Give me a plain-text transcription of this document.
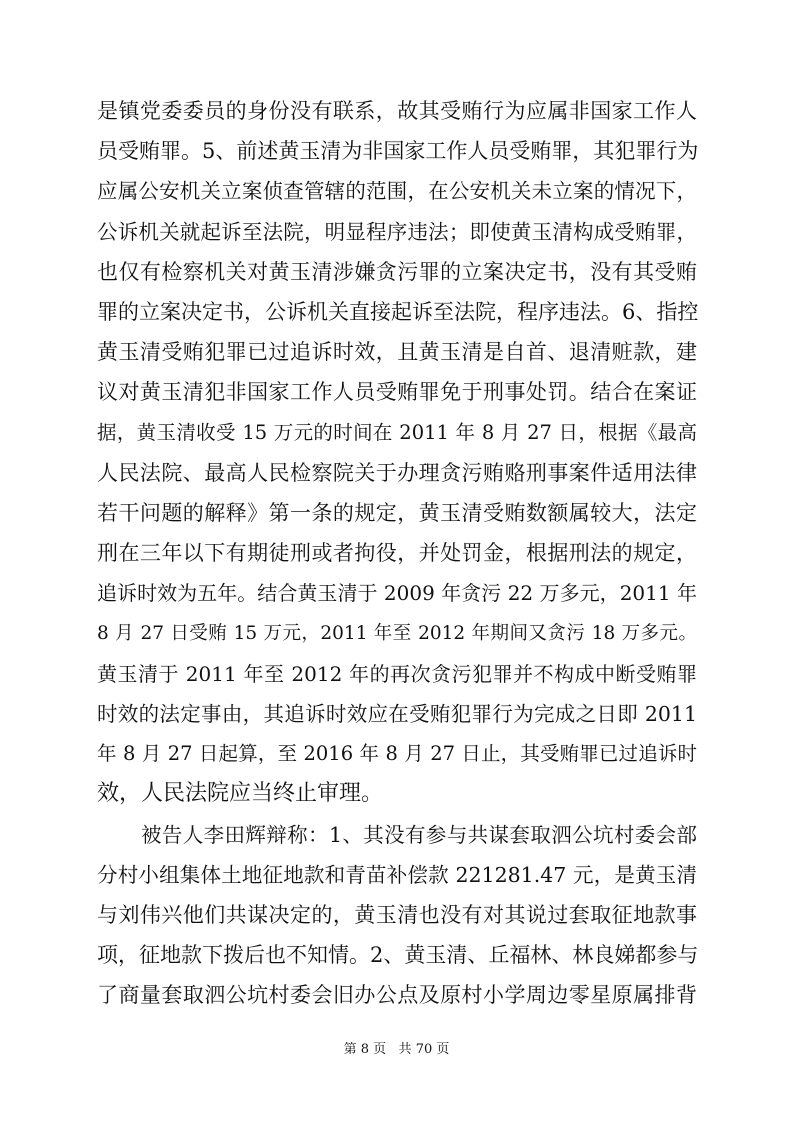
是镇党委委员的身份没有联系，故其受贿行为应属非国家工作人
员受贿罪。5、前述黄玉清为非国家工作人员受贿罪，其犯罪行为
应属公安机关立案侦查管辖的范围，在公安机关未立案的情况下，
公诉机关就起诉至法院，明显程序违法；即使黄玉清构成受贿罪，
也仅有检察机关对黄玉清涉嫌贪污罪的立案决定书，没有其受贿
罪的立案决定书，公诉机关直接起诉至法院，程序违法。6、指控
黄玉清受贿犯罪已过追诉时效，且黄玉清是自首、退清赃款，建
议对黄玉清犯非国家工作人员受贿罪免于刑事处罚。结合在案证
据，黄玉清收受 15 万元的时间在 2011 年 8 月 27 日，根据《最高
人民法院、最高人民检察院关于办理贪污贿赂刑事案件适用法律
若干问题的解释》第一条的规定，黄玉清受贿数额属较大，法定
刑在三年以下有期徒刑或者拘役，并处罚金，根据刑法的规定，
追诉时效为五年。结合黄玉清于 2009 年贪污 22 万多元，2011 年
8 月 27 日受贿 15 万元，2011 年至 2012 年期间又贪污 18 万多元。
黄玉清于 2011 年至 2012 年的再次贪污犯罪并不构成中断受贿罪
时效的法定事由，其追诉时效应在受贿犯罪行为完成之日即 2011
年 8 月 27 日起算，至 2016 年 8 月 27 日止，其受贿罪已过追诉时
效，人民法院应当终止审理。
被告人李田辉辩称：1、其没有参与共谋套取泗公坑村委会部
分村小组集体土地征地款和青苗补偿款 221281.47 元，是黄玉清
与刘伟兴他们共谋决定的，黄玉清也没有对其说过套取征地款事
项，征地款下拨后也不知情。2、黄玉清、丘福林、林良娣都参与
了商量套取泗公坑村委会旧办公点及原村小学周边零星原属排背
第 8 页   共 70 页
